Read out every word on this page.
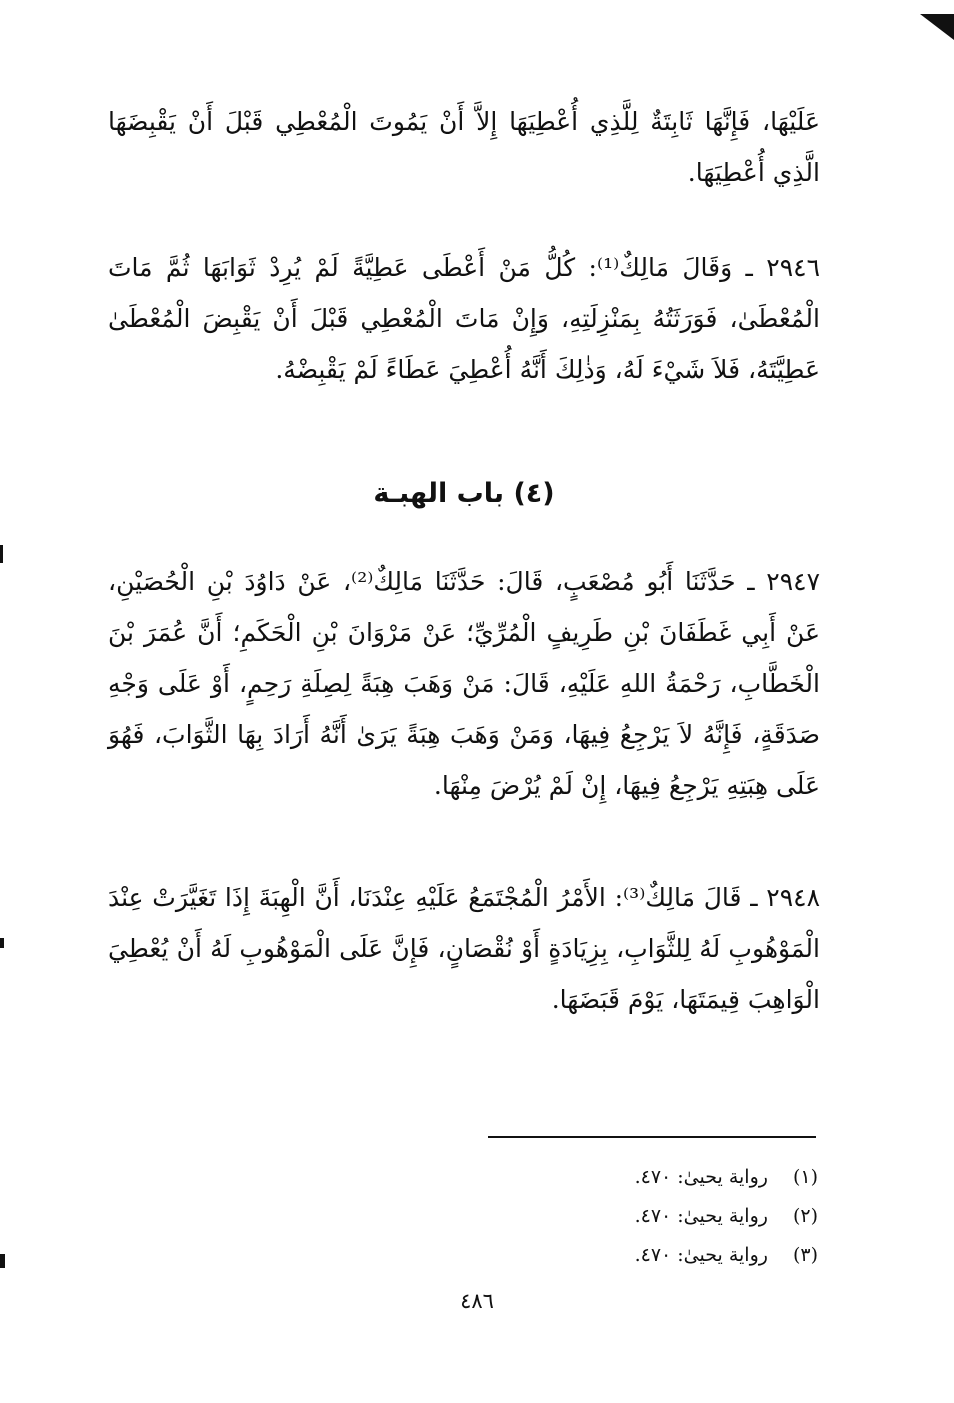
عَلَيْهَا، فَإِنَّهَا ثَابِتَةٌ لِلَّذِي أُعْطِيَهَا إِلاَّ أَنْ يَمُوتَ الْمُعْطِي قَبْلَ أَنْ يَقْبِضَهَا الَّذِي أُعْطِيَهَا.

٢٩٤٦ ـ وَقَالَ مَالِكٌ⁽¹⁾: كُلُّ مَنْ أَعْطَى عَطِيَّةً لَمْ يُرِدْ ثَوَابَهَا ثُمَّ مَاتَ الْمُعْطَىٰ، فَوَرَثَتُهُ بِمَنْزِلَتِهِ، وَإِنْ مَاتَ الْمُعْطِي قَبْلَ أَنْ يَقْبِضَ الْمُعْطَىٰ عَطِيَّتَهُ، فَلاَ شَيْءَ لَهُ، وَذٰلِكَ أَنَّهُ أُعْطِيَ عَطَاءً لَمْ يَقْبِضْهُ.

(٤) باب الهبـة

٢٩٤٧ ـ حَدَّثَنَا أَبُو مُصْعَبٍ، قَالَ: حَدَّثَنَا مَالِكٌ⁽²⁾، عَنْ دَاوُدَ بْنِ الْحُصَيْنِ، عَنْ أَبِي غَطَفَانَ بْنِ طَرِيفٍ الْمُرِّيِّ؛ عَنْ مَرْوَانَ بْنِ الْحَكَمِ؛ أَنَّ عُمَرَ بْنَ الْخَطَّابِ، رَحْمَةُ اللهِ عَلَيْهِ، قَالَ: مَنْ وَهَبَ هِبَةً لِصِلَةِ رَحِمٍ، أَوْ عَلَى وَجْهِ صَدَقَةٍ، فَإِنَّهُ لاَ يَرْجِعُ فِيهَا، وَمَنْ وَهَبَ هِبَةً يَرَىٰ أَنَّهُ أَرَادَ بِهَا الثَّوَابَ، فَهُوَ عَلَى هِبَتِهِ يَرْجِعُ فِيهَا، إِنْ لَمْ يُرْضَ مِنْهَا.

٢٩٤٨ ـ قَالَ مَالِكٌ⁽³⁾: الأَمْرُ الْمُجْتَمَعُ عَلَيْهِ عِنْدَنَا، أَنَّ الْهِبَةَ إِذَا تَغَيَّرَتْ عِنْدَ الْمَوْهُوبِ لَهُ لِلثَّوَابِ، بِزِيَادَةٍ أَوْ نُقْصَانٍ، فَإِنَّ عَلَى الْمَوْهُوبِ لَهُ أَنْ يُعْطِيَ الْوَاهِبَ قِيمَتَهَا، يَوْمَ قَبَضَهَا.

(١) رواية يحيىٰ: ٤٧٠.
(٢) رواية يحيىٰ: ٤٧٠.
(٣) رواية يحيىٰ: ٤٧٠.
٤٨٦
